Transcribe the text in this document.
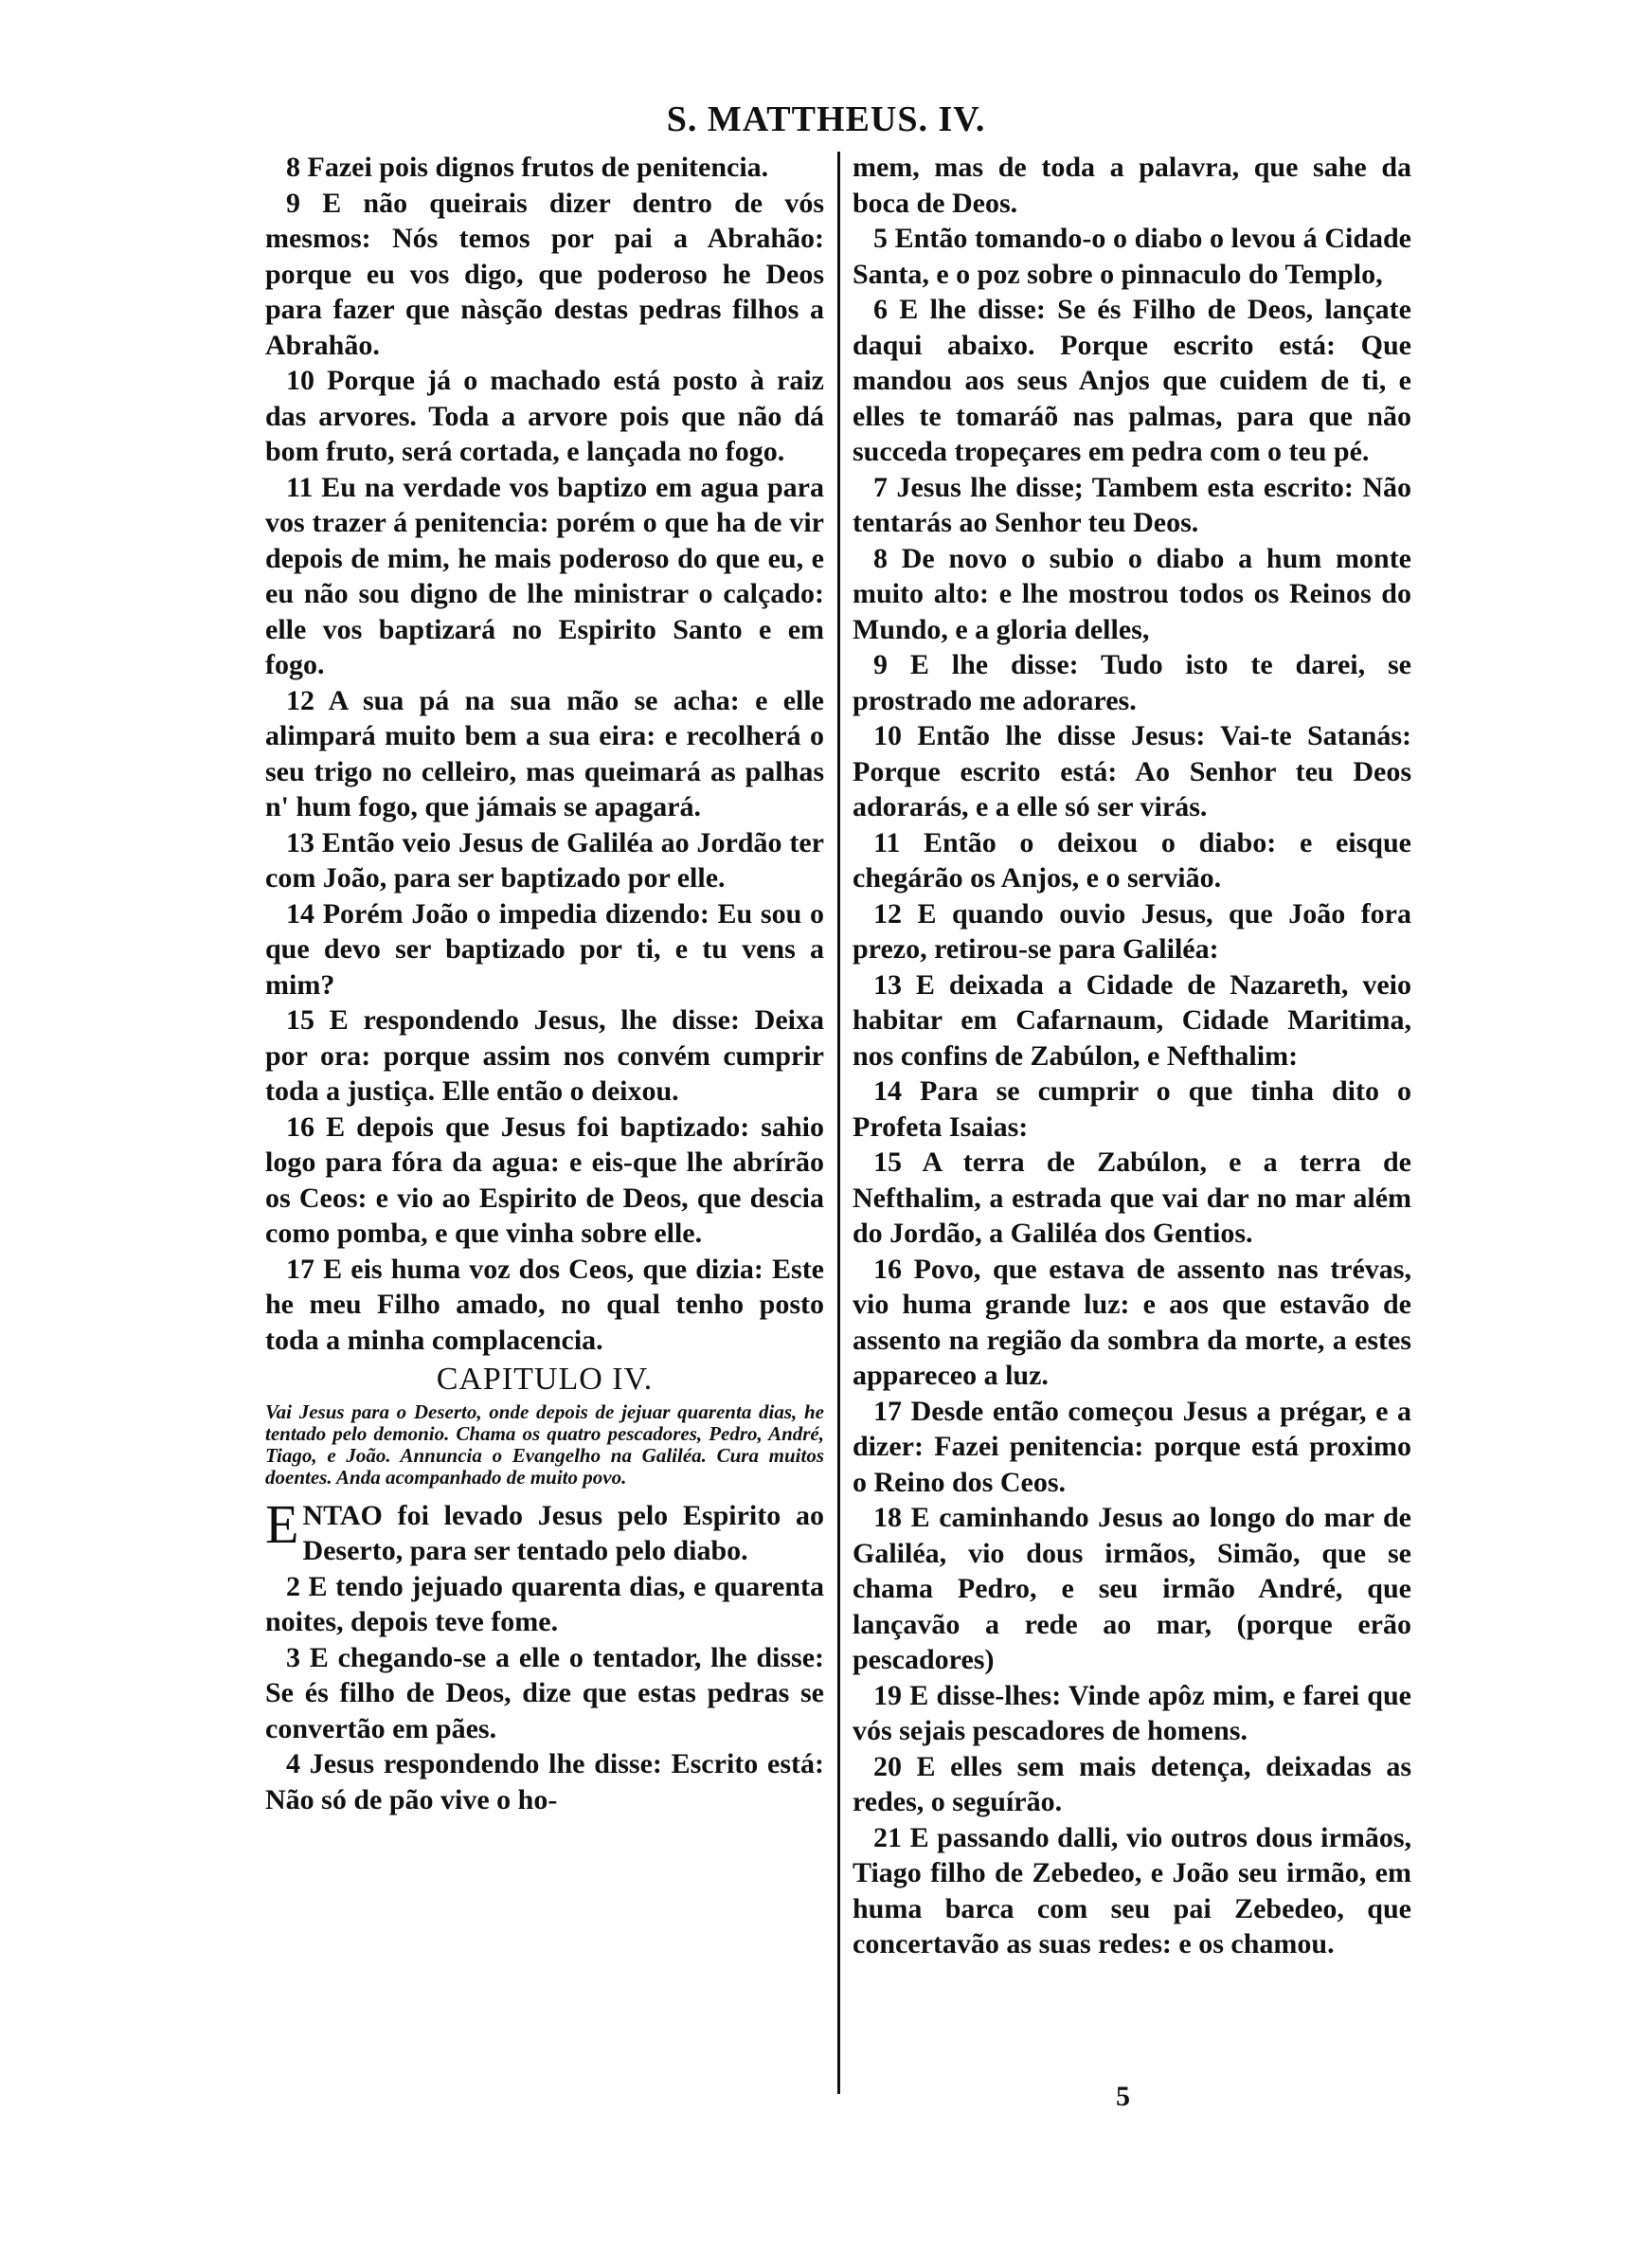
S. MATTHEUS. IV.

8 Fazei pois dignos frutos de penitencia.

9 E não queirais dizer dentro de vós mesmos: Nós temos por pai a Abrahão: porque eu vos digo, que poderoso he Deos para fazer que nàsção destas pedras filhos a Abrahão.

10 Porque já o machado está posto à raiz das arvores. Toda a arvore pois que não dá bom fruto, será cortada, e lançada no fogo.

11 Eu na verdade vos baptizo em agua para vos trazer á penitencia: porém o que ha de vir depois de mim, he mais poderoso do que eu, e eu não sou digno de lhe ministrar o calçado: elle vos baptizará no Espirito Santo e em fogo.

12 A sua pá na sua mão se acha: e elle alimpará muito bem a sua eira: e recolherá o seu trigo no celleiro, mas queimará as palhas n' hum fogo, que jámais se apagará.

13 Então veio Jesus de Galiléa ao Jordão ter com João, para ser baptizado por elle.

14 Porém João o impedia dizendo: Eu sou o que devo ser baptizado por ti, e tu vens a mim?

15 E respondendo Jesus, lhe disse: Deixa por ora: porque assim nos convém cumprir toda a justiça. Elle então o deixou.

16 E depois que Jesus foi baptizado: sahio logo para fóra da agua: e eis-que lhe abrírão os Ceos: e vio ao Espirito de Deos, que descia como pomba, e que vinha sobre elle.

17 E eis huma voz dos Ceos, que dizia: Este he meu Filho amado, no qual tenho posto toda a minha complacencia.

CAPITULO IV.
Vai Jesus para o Deserto, onde depois de jejuar quarenta dias, he tentado pelo demonio. Chama os quatro pescadores, Pedro, André, Tiago, e João. Annuncia o Evangelho na Galiléa. Cura muitos doentes. Anda acompanhado de muito povo.

ENTAO foi levado Jesus pelo Espirito ao Deserto, para ser tentado pelo diabo.

2 E tendo jejuado quarenta dias, e quarenta noites, depois teve fome.

3 E chegando-se a elle o tentador, lhe disse: Se és filho de Deos, dize que estas pedras se convertão em pães.

4 Jesus respondendo lhe disse: Escrito está: Não só de pão vive o ho-

mem, mas de toda a palavra, que sahe da boca de Deos.

5 Então tomando-o o diabo o levou á Cidade Santa, e o poz sobre o pinnaculo do Templo,

6 E lhe disse: Se és Filho de Deos, lançate daqui abaixo. Porque escrito está: Que mandou aos seus Anjos que cuidem de ti, e elles te tomaráõ nas palmas, para que não succeda tropeçares em pedra com o teu pé.

7 Jesus lhe disse; Tambem esta escrito: Não tentarás ao Senhor teu Deos.

8 De novo o subio o diabo a hum monte muito alto: e lhe mostrou todos os Reinos do Mundo, e a gloria delles,

9 E lhe disse: Tudo isto te darei, se prostrado me adorares.

10 Então lhe disse Jesus: Vai-te Satanás: Porque escrito está: Ao Senhor teu Deos adorarás, e a elle só ser virás.

11 Então o deixou o diabo: e eisque chegárão os Anjos, e o servião.

12 E quando ouvio Jesus, que João fora prezo, retirou-se para Galiléa:

13 E deixada a Cidade de Nazareth, veio habitar em Cafarnaum, Cidade Maritima, nos confins de Zabúlon, e Nefthalim:

14 Para se cumprir o que tinha dito o Profeta Isaias:

15 A terra de Zabúlon, e a terra de Nefthalim, a estrada que vai dar no mar além do Jordão, a Galiléa dos Gentios.

16 Povo, que estava de assento nas trévas, vio huma grande luz: e aos que estavão de assento na região da sombra da morte, a estes appareceo a luz.

17 Desde então começou Jesus a prégar, e a dizer: Fazei penitencia: porque está proximo o Reino dos Ceos.

18 E caminhando Jesus ao longo do mar de Galiléa, vio dous irmãos, Simão, que se chama Pedro, e seu irmão André, que lançavão a rede ao mar, (porque erão pescadores)

19 E disse-lhes: Vinde apôz mim, e farei que vós sejais pescadores de homens.

20 E elles sem mais detença, deixadas as redes, o seguírão.

21 E passando dalli, vio outros dous irmãos, Tiago filho de Zebedeo, e João seu irmão, em huma barca com seu pai Zebedeo, que concertavão as suas redes: e os chamou.

5
